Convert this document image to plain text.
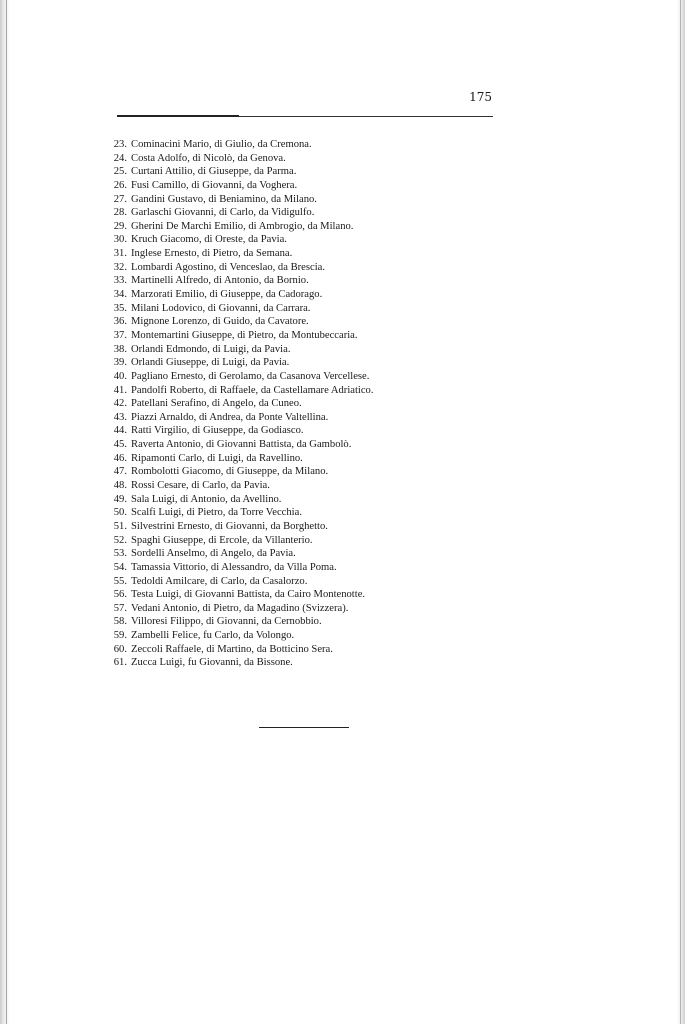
175
23. Cominacini Mario, di Giulio, da Cremona.
24. Costa Adolfo, di Nicolò, da Genova.
25. Curtani Attilio, di Giuseppe, da Parma.
26. Fusi Camillo, di Giovanni, da Voghera.
27. Gandini Gustavo, di Beniamino, da Milano.
28. Garlaschi Giovanni, di Carlo, da Vidigulfo.
29. Gherini De Marchi Emilio, di Ambrogio, da Milano.
30. Kruch Giacomo, di Oreste, da Pavia.
31. Inglese Ernesto, di Pietro, da Semana.
32. Lombardi Agostino, di Venceslao, da Brescia.
33. Martinelli Alfredo, di Antonio, da Bornio.
34. Marzorati Emilio, di Giuseppe, da Cadorago.
35. Milani Lodovico, di Giovanni, da Carrara.
36. Mignone Lorenzo, di Guido, da Cavatore.
37. Montemartini Giuseppe, di Pietro, da Montubeccaria.
38. Orlandi Edmondo, di Luigi, da Pavia.
39. Orlandi Giuseppe, di Luigi, da Pavia.
40. Pagliano Ernesto, di Gerolamo, da Casanova Vercellese.
41. Pandolfi Roberto, di Raffaele, da Castellamare Adriatico.
42. Patellani Serafino, di Angelo, da Cuneo.
43. Piazzi Arnaldo, di Andrea, da Ponte Valtellina.
44. Ratti Virgilio, di Giuseppe, da Godiasco.
45. Raverta Antonio, di Giovanni Battista, da Gambolò.
46. Ripamonti Carlo, di Luigi, da Ravellino.
47. Rombolotti Giacomo, di Giuseppe, da Milano.
48. Rossi Cesare, di Carlo, da Pavia.
49. Sala Luigi, di Antonio, da Avellino.
50. Scalfi Luigi, di Pietro, da Torre Vecchia.
51. Silvestrini Ernesto, di Giovanni, da Borghetto.
52. Spaghi Giuseppe, di Ercole, da Villanterio.
53. Sordelli Anselmo, di Angelo, da Pavia.
54. Tamassia Vittorio, di Alessandro, da Villa Poma.
55. Tedoldi Amilcare, di Carlo, da Casalorzo.
56. Testa Luigi, di Giovanni Battista, da Cairo Montenotte.
57. Vedani Antonio, di Pietro, da Magadino (Svizzera).
58. Villoresi Filippo, di Giovanni, da Cernobbio.
59. Zambelli Felice, fu Carlo, da Volongo.
60. Zeccoli Raffaele, di Martino, da Botticino Sera.
61. Zucca Luigi, fu Giovanni, da Bissone.
